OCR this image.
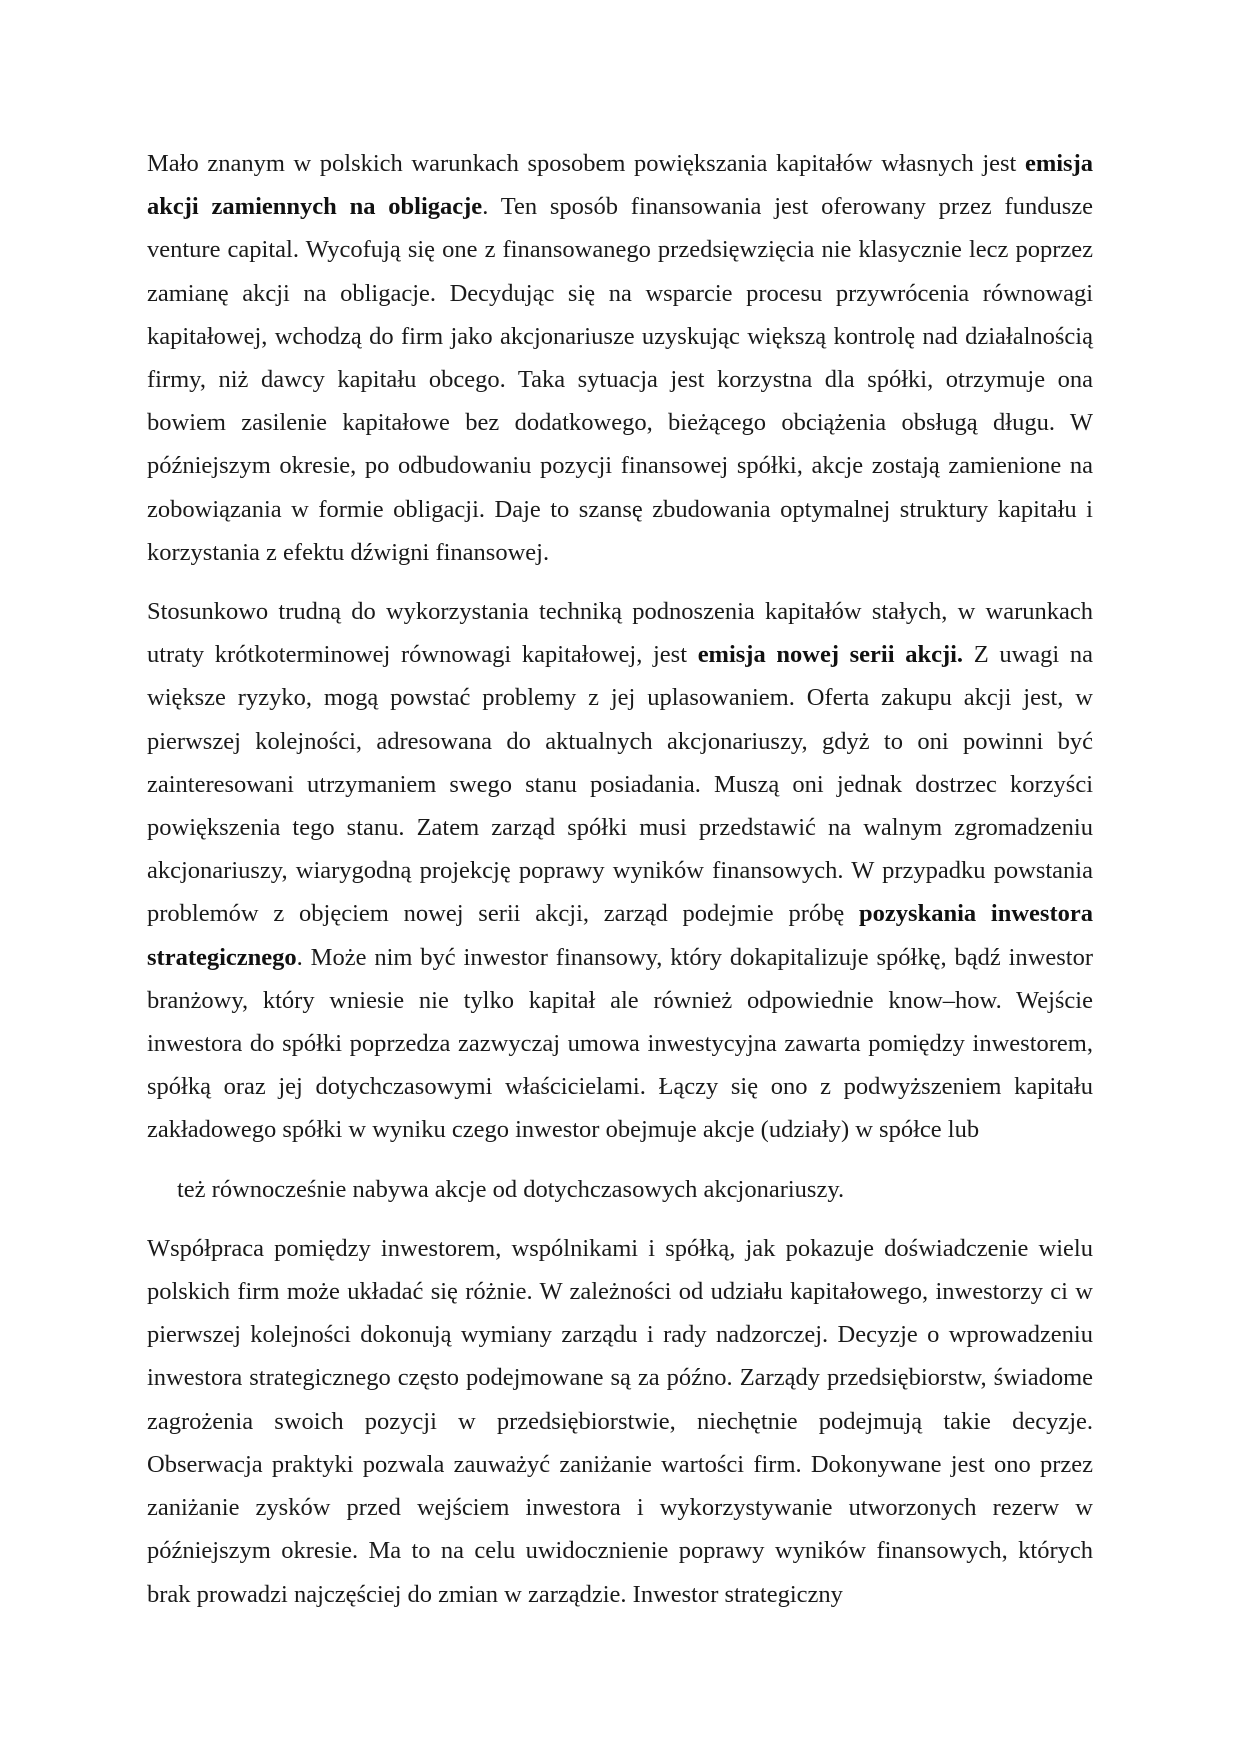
Mało znanym w polskich warunkach sposobem powiększania kapitałów własnych jest emisja akcji zamiennych na obligacje. Ten sposób finansowania jest oferowany przez fundusze venture capital. Wycofują się one z finansowanego przedsięwzięcia nie klasycznie lecz poprzez zamianę akcji na obligacje. Decydując się na wsparcie procesu przywrócenia równowagi kapitałowej, wchodzą do firm jako akcjonariusze uzyskując większą kontrolę nad działalnością firmy, niż dawcy kapitału obcego. Taka sytuacja jest korzystna dla spółki, otrzymuje ona bowiem zasilenie kapitałowe bez dodatkowego, bieżącego obciążenia obsługą długu. W późniejszym okresie, po odbudowaniu pozycji finansowej spółki, akcje zostają zamienione na zobowiązania w formie obligacji. Daje to szansę zbudowania optymalnej struktury kapitału i korzystania z efektu dźwigni finansowej.

Stosunkowo trudną do wykorzystania techniką podnoszenia kapitałów stałych, w warunkach utraty krótkoterminowej równowagi kapitałowej, jest emisja nowej serii akcji. Z uwagi na większe ryzyko, mogą powstać problemy z jej uplasowaniem. Oferta zakupu akcji jest, w pierwszej kolejności, adresowana do aktualnych akcjonariuszy, gdyż to oni powinni być zainteresowani utrzymaniem swego stanu posiadania. Muszą oni jednak dostrzec korzyści powiększenia tego stanu. Zatem zarząd spółki musi przedstawić na walnym zgromadzeniu akcjonariuszy, wiarygodną projekcję poprawy wyników finansowych. W przypadku powstania problemów z objęciem nowej serii akcji, zarząd podejmie próbę pozyskania inwestora strategicznego. Może nim być inwestor finansowy, który dokapitalizuje spółkę, bądź inwestor branżowy, który wniesie nie tylko kapitał ale również odpowiednie know–how. Wejście inwestora do spółki poprzedza zazwyczaj umowa inwestycyjna zawarta pomiędzy inwestorem, spółką oraz jej dotychczasowymi właścicielami. Łączy się ono z podwyższeniem kapitału zakładowego spółki w wyniku czego inwestor obejmuje akcje (udziały) w spółce lub

też równocześnie nabywa akcje od dotychczasowych akcjonariuszy.

Współpraca pomiędzy inwestorem, wspólnikami i spółką, jak pokazuje doświadczenie wielu polskich firm może układać się różnie. W zależności od udziału kapitałowego, inwestorzy ci w pierwszej kolejności dokonują wymiany zarządu i rady nadzorczej. Decyzje o wprowadzeniu inwestora strategicznego często podejmowane są za późno. Zarządy przedsiębiorstw, świadome zagrożenia swoich pozycji w przedsiębiorstwie, niechętnie podejmują takie decyzje. Obserwacja praktyki pozwala zauważyć zaniżanie wartości firm. Dokonywane jest ono przez zaniżanie zysków przed wejściem inwestora i wykorzystywanie utworzonych rezerw w późniejszym okresie. Ma to na celu uwidocznienie poprawy wyników finansowych, których brak prowadzi najczęściej do zmian w zarządzie. Inwestor strategiczny
